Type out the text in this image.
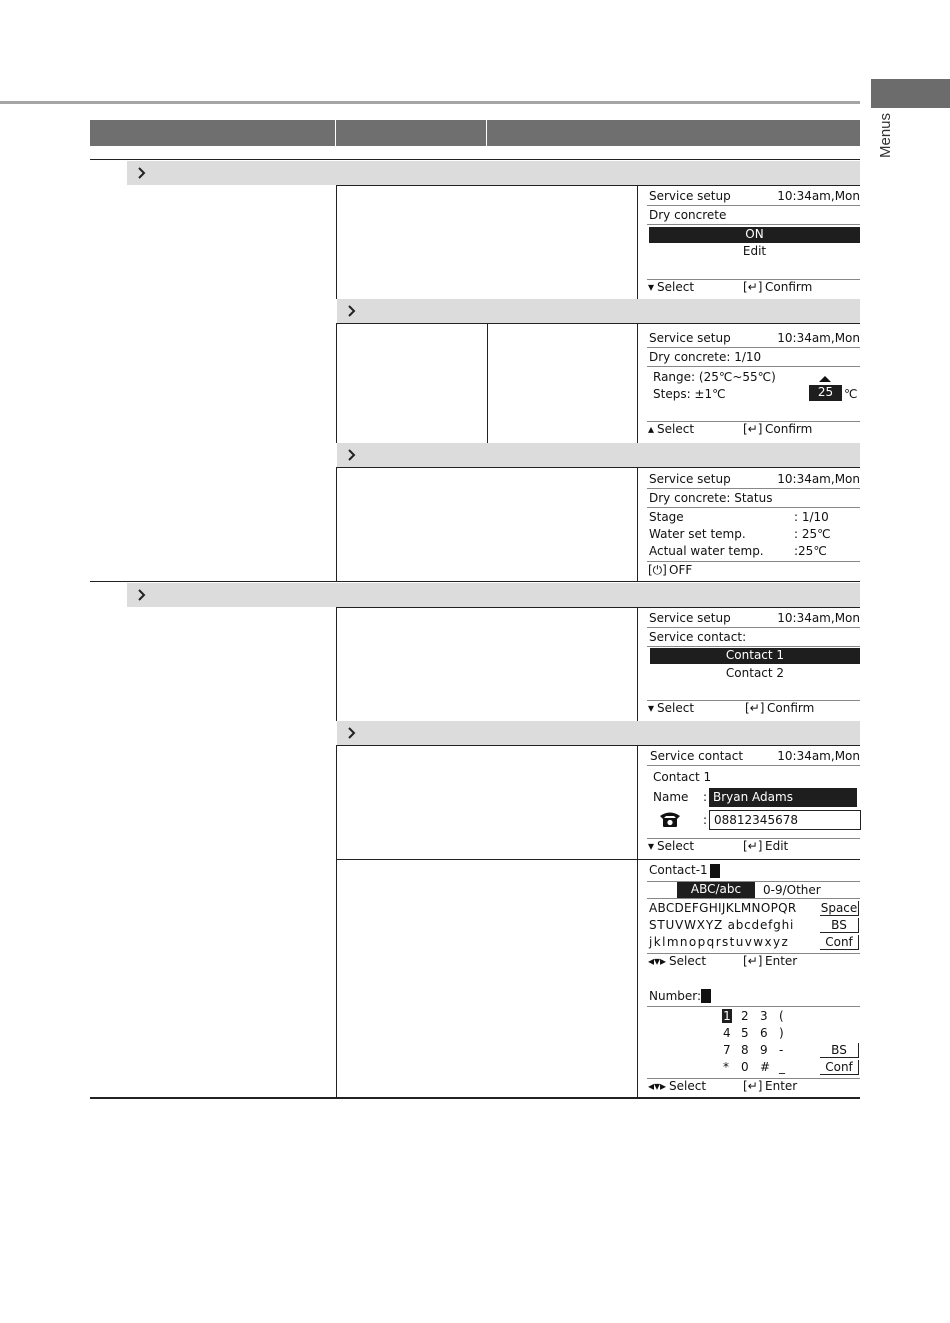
Menus
Service setup	10:34am,Mon
Dry concrete
ON
Edit
▾ Select	[↵] Confirm
Service setup	10:34am,Mon
Dry concrete: 1/10
Range: (25℃~55℃)
Steps: ±1℃	25 ℃
▴ Select	[↵] Confirm
Service setup	10:34am,Mon
Dry concrete: Status
Stage	: 1/10
Water set temp.	: 25℃
Actual water temp.	:25℃
[⏻] OFF
Service setup	10:34am,Mon
Service contact:
Contact 1
Contact 2
▾ Select	[↵] Confirm
Service contact	10:34am,Mon
Contact 1
Name : Bryan Adams
: 08812345678
▾ Select	[↵] Edit
Contact-1
ABC/abc	0-9/Other
ABCDEFGHIJKLMNOPQR
STUVWXYZ abcdefghi
jklmnopqrstuvwxyz
Space
BS
Conf
◂▾▸ Select	[↵] Enter
Number:
1 2 3 (
4 5 6 )
7 8 9 -
* 0 # _
BS
Conf
◂▾▸ Select	[↵] Enter
